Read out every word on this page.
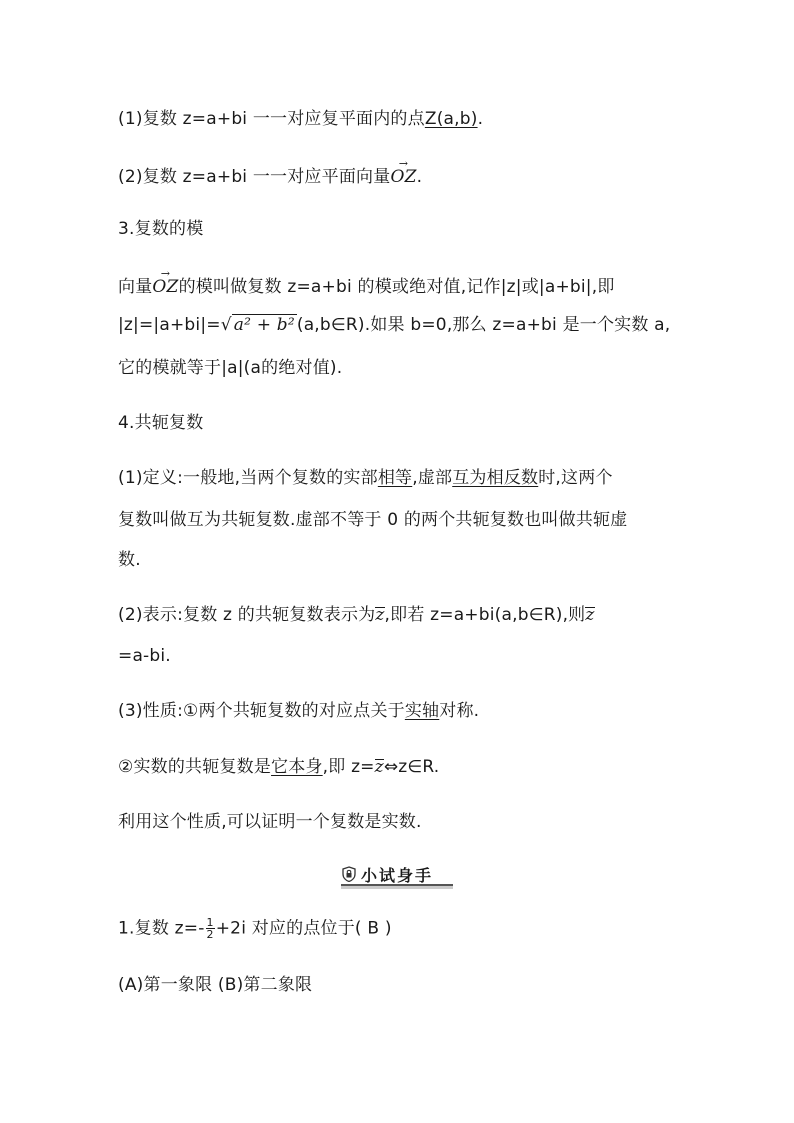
(1)复数 z=a+bi 一一对应复平面内的点Z(a,b).
(2)复数 z=a+bi 一一对应平面向量→ OZ.
3.复数的模
向量→ OZ的模叫做复数 z=a+bi 的模或绝对值,记作|z|或|a+bi|,即
|z|=|a+bi|=√ a² + b² (a,b∈R).如果 b=0,那么 z=a+bi 是一个实数 a,
它的模就等于|a|(a的绝对值).
4.共轭复数
(1)定义:一般地,当两个复数的实部相等,虚部互为相反数时,这两个
复数叫做互为共轭复数.虚部不等于 0 的两个共轭复数也叫做共轭虚
数.
(2)表示:复数 z 的共轭复数表示为z,即若 z=a+bi(a,b∈R),则z
=a-bi.
(3)性质:①两个共轭复数的对应点关于实轴对称.
②实数的共轭复数是它本身,即 z=z⇔z∈R.
利用这个性质,可以证明一个复数是实数.
小试身手
1.复数 $z=- \frac{1}{2} +2i$ 对应的点位于( B )
(A)第一象限 (B)第二象限
